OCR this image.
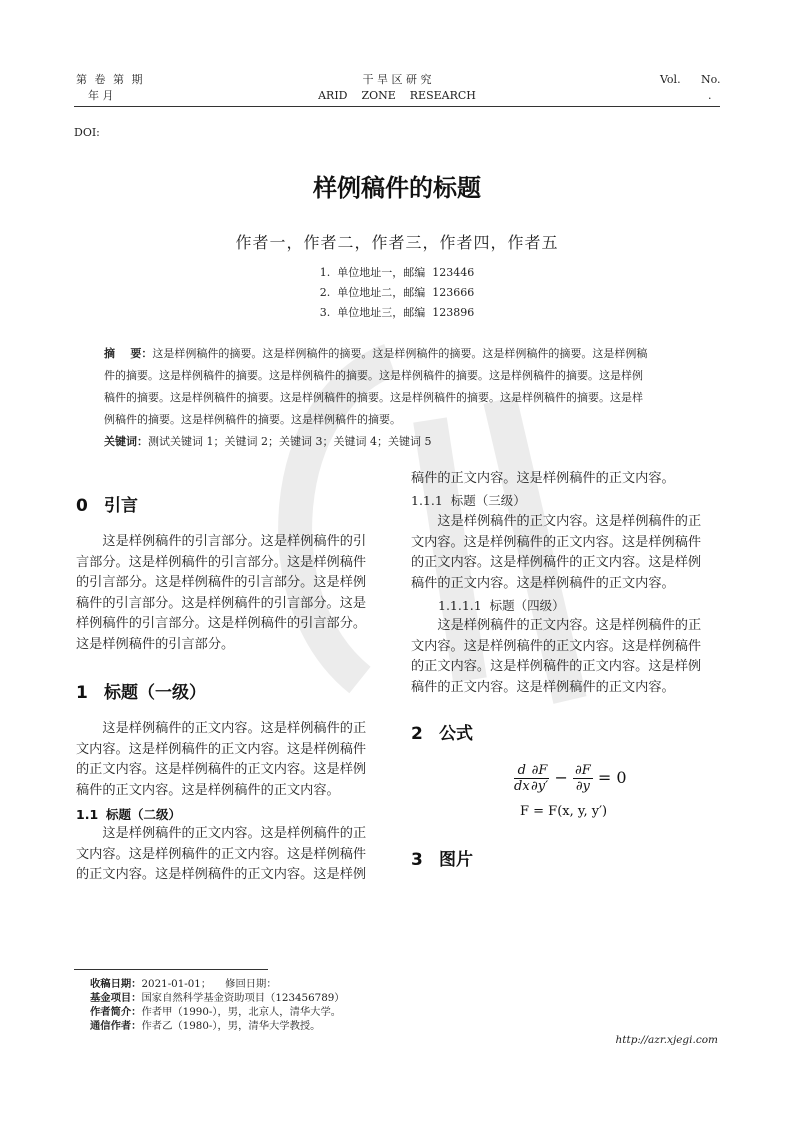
第 卷 第 期
年 月
干 旱 区 研 究
ARID    ZONE    RESEARCH
Vol. No.
.
DOI:
样例稿件的标题
作者一，作者二，作者三，作者四，作者五
1.  单位地址一，邮编  123446
2.  单位地址二，邮编  123666
3.  单位地址三，邮编  123896
摘    要：这是样例稿件的摘要。这是样例稿件的摘要。这是样例稿件的摘要。这是样例稿件的摘要。这是样例稿
件的摘要。这是样例稿件的摘要。这是样例稿件的摘要。这是样例稿件的摘要。这是样例稿件的摘要。这是样例
稿件的摘要。这是样例稿件的摘要。这是样例稿件的摘要。这是样例稿件的摘要。这是样例稿件的摘要。这是样
例稿件的摘要。这是样例稿件的摘要。这是样例稿件的摘要。
关键词：测试关键词 1；关键词 2；关键词 3；关键词 4；关键词 5
0 引言
这是样例稿件的引言部分。这是样例稿件的引
言部分。这是样例稿件的引言部分。这是样例稿件
的引言部分。这是样例稿件的引言部分。这是样例
稿件的引言部分。这是样例稿件的引言部分。这是
样例稿件的引言部分。这是样例稿件的引言部分。
这是样例稿件的引言部分。
1 标题（一级）
这是样例稿件的正文内容。这是样例稿件的正
文内容。这是样例稿件的正文内容。这是样例稿件
的正文内容。这是样例稿件的正文内容。这是样例
稿件的正文内容。这是样例稿件的正文内容。
1.1 标题（二级）
这是样例稿件的正文内容。这是样例稿件的正
文内容。这是样例稿件的正文内容。这是样例稿件
的正文内容。这是样例稿件的正文内容。这是样例
稿件的正文内容。这是样例稿件的正文内容。
1.1.1  标题（三级）
这是样例稿件的正文内容。这是样例稿件的正
文内容。这是样例稿件的正文内容。这是样例稿件
的正文内容。这是样例稿件的正文内容。这是样例
稿件的正文内容。这是样例稿件的正文内容。
1.1.1.1  标题（四级）
这是样例稿件的正文内容。这是样例稿件的正
文内容。这是样例稿件的正文内容。这是样例稿件
的正文内容。这是样例稿件的正文内容。这是样例
稿件的正文内容。这是样例稿件的正文内容。
2 公式
$\frac{d}{dx} \frac{\partial F}{\partial y'} - \frac{\partial F}{\partial y} = 0$
F = F(x, y, y′)
3 图片
收稿日期：2021-01-01； 修回日期：
基金项目：国家自然科学基金资助项目（123456789）
作者简介：作者甲（1990-），男，北京人，清华大学。
通信作者：作者乙（1980-），男，清华大学教授。
http://azr.xjegi.com
